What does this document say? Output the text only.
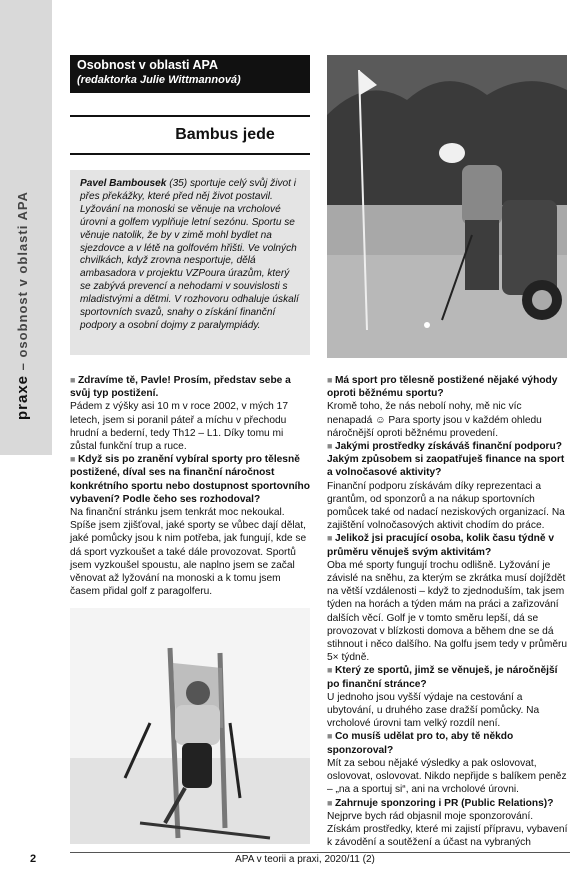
praxe – osobnost v oblasti APA
Osobnost v oblasti APA
(redaktorka Julie Wittmannová)
Bambus jede
Pavel Bambousek (35) sportuje celý svůj život i přes překážky, které před něj život postavil. Lyžování na monoski se věnuje na vrcholové úrovni a golfem vyplňuje letní sezónu. Sportu se věnuje natolik, že by v zimě mohl bydlet na sjezdovce a v létě na golfovém hřišti. Ve volných chvilkách, když zrovna nesportuje, dělá ambasadora v projektu VZPoura úrazům, který se zabývá prevencí a nehodami v souvislosti s mladistvými a dětmi. V rozhovoru odhaluje úskalí sportovních svazů, snahy o získání finanční podpory a osobní dojmy z paralympiády.

■ Zdravíme tě, Pavle! Prosím, představ sebe a svůj typ postižení.

Pádem z výšky asi 10 m v roce 2002, v mých 17 letech, jsem si poranil páteř a míchu v přechodu hrudní a bederní, tedy Th12 – L1. Díky tomu mi zůstal funkční trup a ruce.

■ Když sis po zranění vybíral sporty pro tělesně postižené, díval ses na finanční náročnost konkrétního sportu nebo dostupnost sportovního vybavení? Podle čeho ses rozhodoval?

Na finanční stránku jsem tenkrát moc nekoukal. Spíše jsem zjišťoval, jaké sporty se vůbec dají dělat, jaké pomůcky jsou k nim potřeba, jak fungují, kde se dá sport vyzkoušet a také dále provozovat. Sportů jsem vyzkoušel spoustu, ale naplno jsem se začal věnovat až lyžování na monoski a k tomu jsem časem přidal golf z paragolferu.

■ Má sport pro tělesně postižené nějaké výhody oproti běžnému sportu?

Kromě toho, že nás nebolí nohy, mě nic víc nenapadá ☺ Para sporty jsou v každém ohledu náročnější oproti běžnému provedení.

■ Jakými prostředky získáváš finanční podporu? Jakým způsobem si zaopatřuješ finance na sport a volnočasové aktivity?

Finanční podporu získávám díky reprezentaci a grantům, od sponzorů a na nákup sportovních pomůcek také od nadací neziskových organizací. Na zajištění volnočasových aktivit chodím do práce.

■ Jelikož jsi pracující osoba, kolik času týdně v průměru věnuješ svým aktivitám?

Oba mé sporty fungují trochu odlišně. Lyžování je závislé na sněhu, za kterým se zkrátka musí dojíždět na větší vzdálenosti – když to zjednoduším, tak jsem týden na horách a týden mám na práci a zařizování dalších věcí. Golf je v tomto směru lepší, dá se provozovat v blízkosti domova a během dne se dá stihnout i něco dalšího. Na golfu jsem tedy v průměru 5× týdně.

■ Který ze sportů, jimž se věnuješ, je náročnější po finanční stránce?

U jednoho jsou vyšší výdaje na cestování a ubytování, u druhého zase dražší pomůcky. Na vrcholové úrovni tam velký rozdíl není.

■ Co musíš udělat pro to, aby tě někdo sponzoroval?

Mít za sebou nějaké výsledky a pak oslovovat, oslovovat, oslovovat. Nikdo nepřijde s balíkem peněz – „na a sportuj si“, ani na vrcholové úrovni.

■ Zahrnuje sponzoring i PR (Public Relations)?

Nejprve bych rád objasnil moje sponzorování. Získám prostředky, které mi zajistí přípravu, vybavení k závodění a soutěžení a účast na vybraných

2	APA v teorii a praxi, 2020/11 (2)
